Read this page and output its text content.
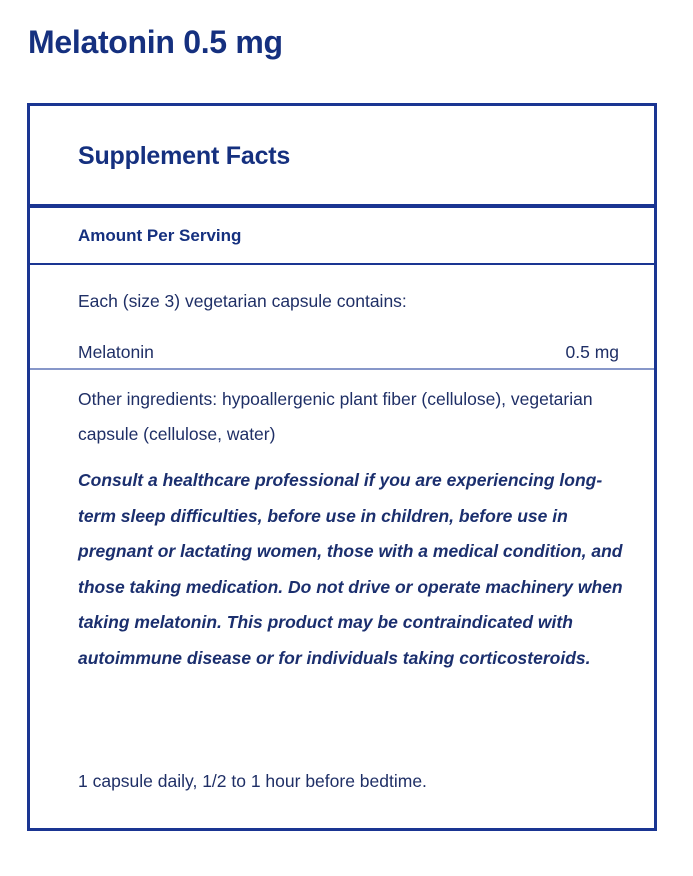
Melatonin 0.5 mg
Supplement Facts
Amount Per Serving
Each (size 3) vegetarian capsule contains:
Melatonin	0.5 mg
Other ingredients: hypoallergenic plant fiber (cellulose), vegetarian capsule (cellulose, water)
Consult a healthcare professional if you are experiencing long-term sleep difficulties, before use in children, before use in pregnant or lactating women, those with a medical condition, and those taking medication. Do not drive or operate machinery when taking melatonin. This product may be contraindicated with autoimmune disease or for individuals taking corticosteroids.
1 capsule daily, 1/2 to 1 hour before bedtime.
